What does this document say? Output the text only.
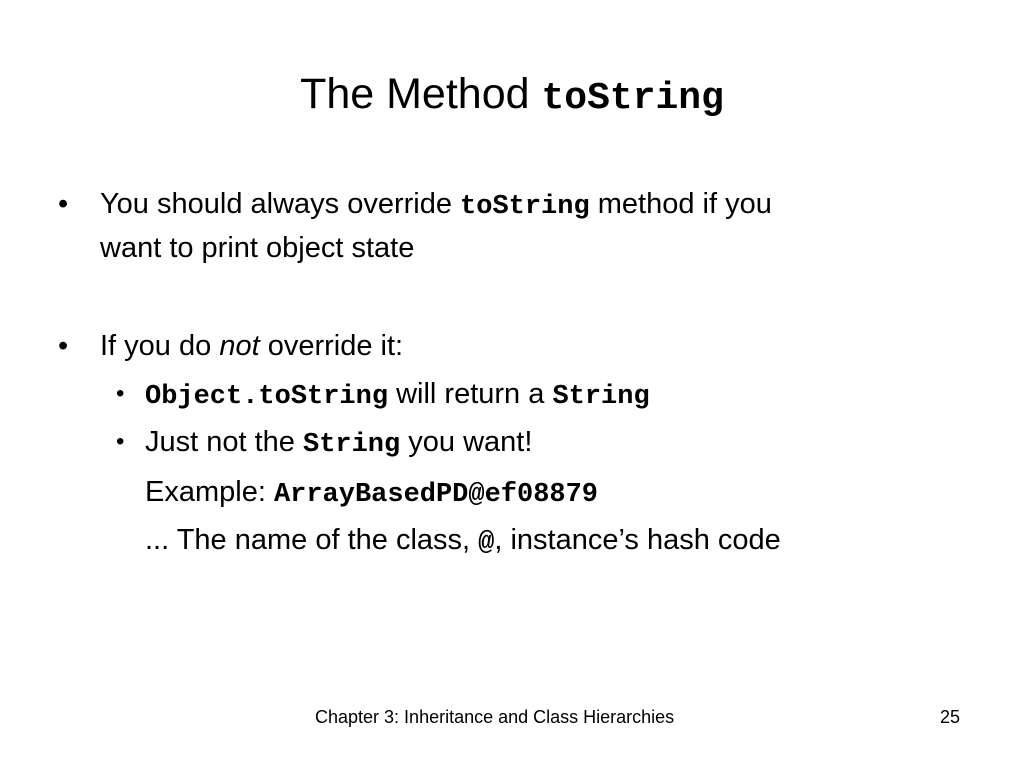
The Method toString
• You should always override toString method if you
want to print object state
• If you do not override it:
• Object.toString will return a String
• Just not the String you want!
Example: ArrayBasedPD@ef08879
... The name of the class, @, instance’s hash code
Chapter 3: Inheritance and Class Hierarchies	25
